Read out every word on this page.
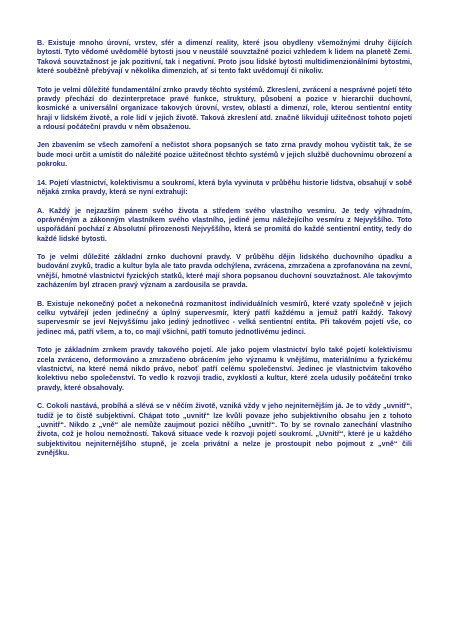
B. Existuje mnoho úrovní, vrstev, sfér a dimenzí reality, které jsou obydleny všemožnými druhy čijících bytostí. Tyto vědomé uvědomělé bytosti jsou v neustálé souvztažné pozici vzhledem k lidem na planetě Zemi. Taková souvztažnost je jak pozitivní, tak i negativní. Proto jsou lidské bytosti multidimenzionálními bytostmi, které souběžně přebývají v několika dimenzích, ať si tento fakt uvědomují či nikoliv.

Toto je velmi důležité fundamentální zrnko pravdy těchto systémů. Zkreslení, zvrácení a nesprávné pojetí této pravdy přechází do dezinterpretace pravé funkce, struktury, působení a pozice v hierarchii duchovní, kosmické a universální organizace takových úrovní, vrstev, oblastí a dimenzí, role, kterou sentientní entity hrají v lidském životě, a role lidí v jejich životě. Taková zkreslení atd. značně likvidují užitečnost tohoto pojetí a rdousí počáteční pravdu v něm obsaženou.

Jen zbavením se všech zamoření a nečistot shora popsaných se tato zrna pravdy mohou vyčistit tak, že se bude moci určit a umístit do náležité pozice užitečnost těchto systémů v jejich službě duchovnímu obrození a pokroku.

14. Pojetí vlastnictví, kolektivismu a soukromí, která byla vyvinuta v průběhu historie lidstva, obsahují v sobě nějaká zrnka pravdy, která se nyní extrahují:

A. Každý je nejzazším pánem svého života a středem svého vlastního vesmíru. Je tedy výhradním, oprávněným a zákonným vlastníkem svého vlastního, jediné jemu náležejícího vesmíru z Nejvyššího. Toto uspořádání pochází z Absolutní přirozenosti Nejvyššího, která se promítá do každé sentientní entity, tedy do každé lidské bytosti.

To je velmi důležité základní zrnko duchovní pravdy. V průběhu dějin lidského duchovního úpadku a budování zvyků, tradic a kultur byla ale tato pravda odchýlena, zvrácena, zmrzačena a zprofanována na zevní, vnější, hmotné vlastnictví fyzických statků, které mají shora popsanou duchovní souvztažnost. Ale takovýmto zacházením byl ztracen pravý význam a zardousila se pravda.

B. Existuje nekonečný počet a nekonečná rozmanitost individuálních vesmírů, které vzaty společně v jejich celku vytvářejí jeden jedinečný a úplný supervesmír, který patří každému a jemuž patří každý. Takový supervesmír se jeví Nejvyššímu jako jediný jednotlivec - velká sentientní entita. Při takovém pojetí vše, co jedinec má, patří všem, a to, co mají všichni, patří tomuto jednotlivému jedinci.

Toto je základním zrnkem pravdy takového pojetí. Ale jako pojem vlastnictví bylo také pojetí kolektivismu zcela zvráceno, deformováno a zmrzačeno obrácením jeho významu k vnějšímu, materiálnímu a fyzickému vlastnictví, na které nemá nikdo právo, neboť patří celému společenství. Jedinec je vlastnictvím takového kolektivu nebo společenství. To vedlo k rozvoji tradic, zvyklostí a kultur, které zcela udusily počáteční trnko pravdy, které obsahovaly.

C. Cokoli nastává, probíhá a slévá se v něčím životě, vzniká vždy v jeho nejniternějším já. Je to vždy „uvnitř“, tudíž je to čistě subjektivní. Chápat toto „uvnitř“ lze kvůli povaze jeho subjektivního obsahu jen z tohoto „uvnitř“. Nikdo z „vně“ ale nemůže zaujmout pozici něčího „uvnitř“. To by se rovnalo zanechání vlastního života, což je holou nemožností. Taková situace vede k rozvoji pojetí soukromí. „Uvnitř“, které je u každého subjektivitou nejniternějšího stupně, je zcela privátní a nelze je prostoupit nebo pojmout z „vně“ čili zvnějšku.
